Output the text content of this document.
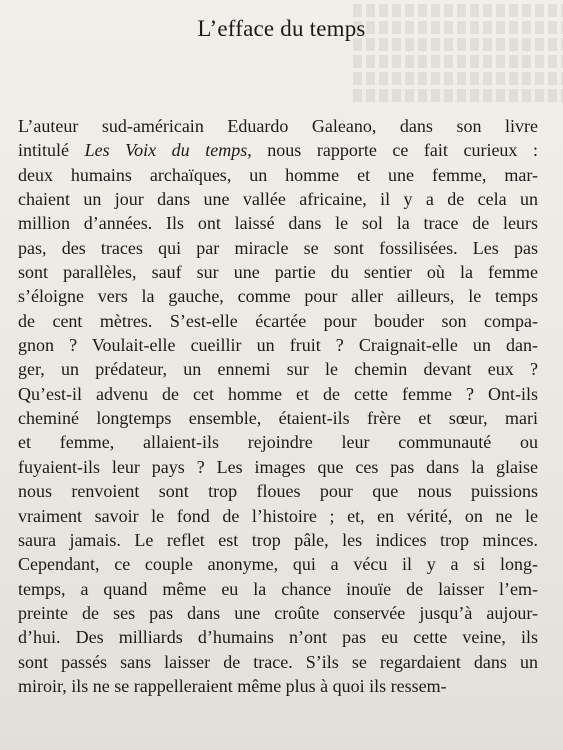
L’effacе du temps
L’auteur sud-américain Eduardo Galeano, dans son livre
intitulé Les Voix du temps, nous rapporte ce fait curieux :
deux humains archaïques, un homme et une femme, mar-
chaient un jour dans une vallée africaine, il y a de cela un
million d’années. Ils ont laissé dans le sol la trace de leurs
pas, des traces qui par miracle se sont fossilisées. Les pas
sont parallèles, sauf sur une partie du sentier où la femme
s’éloigne vers la gauche, comme pour aller ailleurs, le temps
de cent mètres. S’est-elle écartée pour bouder son compa-
gnon ? Voulait-elle cueillir un fruit ? Craignait-elle un dan-
ger, un prédateur, un ennemi sur le chemin devant eux ?
Qu’est-il advenu de cet homme et de cette femme ? Ont-ils
cheminé longtemps ensemble, étaient-ils frère et sœur, mari
et femme, allaient-ils rejoindre leur communauté ou
fuyaient-ils leur pays ? Les images que ces pas dans la glaise
nous renvoient sont trop floues pour que nous puissions
vraiment savoir le fond de l’histoire ; et, en vérité, on ne le
saura jamais. Le reflet est trop pâle, les indices trop minces.
Cependant, ce couple anonyme, qui a vécu il y a si long-
temps, a quand même eu la chance inouïe de laisser l’em-
preinte de ses pas dans une croûte conservée jusqu’à aujour-
d’hui. Des milliards d’humains n’ont pas eu cette veine, ils
sont passés sans laisser de trace. S’ils se regardaient dans un
miroir, ils ne se rappelleraient même plus à quoi ils ressem-
